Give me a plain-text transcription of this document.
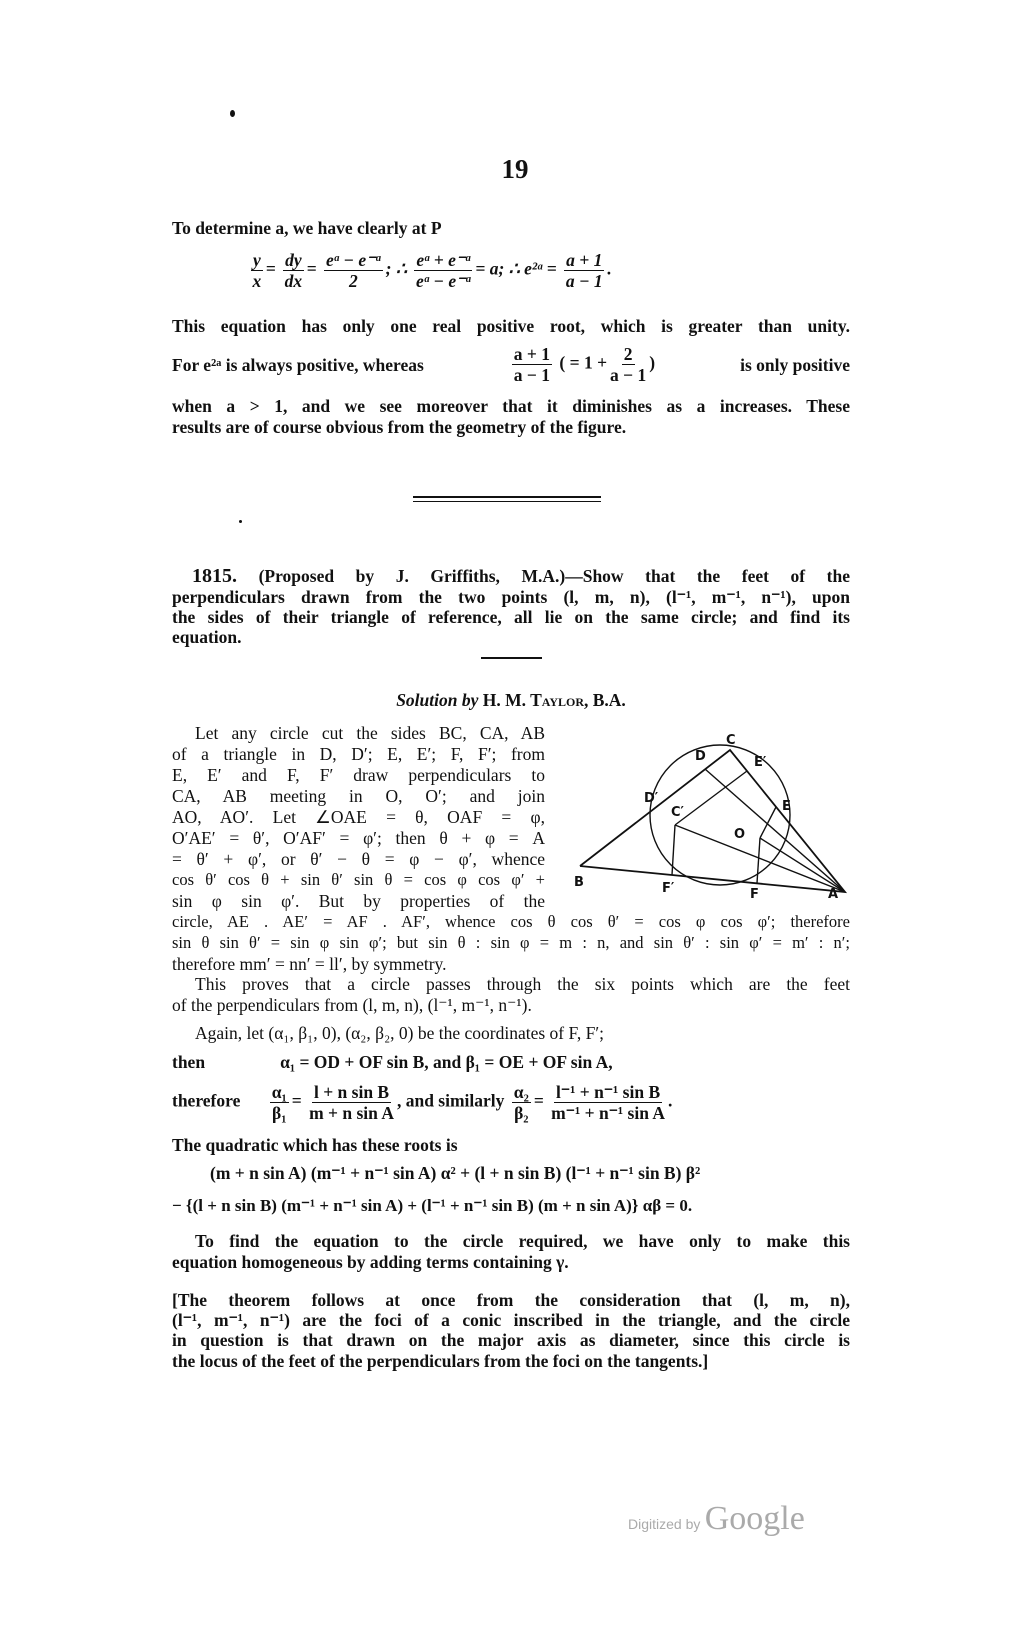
19
To determine a, we have clearly at P
$\frac{y}{x} = \frac{dy}{dx} = \frac{\text{eᵃ − e⁻ᵃ}}{2}$ ; ∴ $\frac{\text{eᵃ + e⁻ᵃ}}{\text{eᵃ − e⁻ᵃ}} = a$; ∴ e²ᵃ = $\frac{a + 1}{a - 1}$ .
This equation has only one real positive root, which is greater than unity.
For e²ᵃ is always positive, whereas	$\frac{a + 1}{a - 1}$ ( = $1 + \frac{2}{a - 1}$ )	is only positive
when a > 1, and we see moreover that it diminishes as a increases. These
results are of course obvious from the geometry of the figure.
1815. (Proposed by J. Griffiths, M.A.)—Show that the feet of the
perpendiculars drawn from the two points (l, m, n), (l⁻¹, m⁻¹, n⁻¹), upon
the sides of their triangle of reference, all lie on the same circle; and find its
equation.
Solution by H. M. Taylor, B.A.
Let any circle cut the sides BC, CA, AB
of a triangle in D, D′; E, E′; F, F′; from
E, E′ and F, F′ draw perpendiculars to
CA, AB meeting in O, O′; and join
AO, AO′. Let ∠OAE = θ, OAF = φ,
O′AE′ = θ′, O′AF′ = φ′; then θ + φ = A
= θ′ + φ′, or θ′ − θ = φ − φ′, whence
cos θ′ cos θ + sin θ′ sin θ = cos φ cos φ′ +
sin φ sin φ′. But by properties of the
circle, AE . AE′ = AF . AF′, whence cos θ cos θ′ = cos φ cos φ′; therefore
sin θ sin θ′ = sin φ sin φ′; but sin θ : sin φ = m : n, and sin θ′ : sin φ′ = m′ : n′;
therefore mm′ = nn′ = ll′, by symmetry.
This proves that a circle passes through the six points which are the feet
of the perpendiculars from (l, m, n), (l⁻¹, m⁻¹, n⁻¹).
Again, let (α₁, β₁, 0), (α₂, β₂, 0) be the coordinates of F, F′;
then	α₁ = OD + OF sin B, and β₁ = OE + OF sin A,
therefore $\frac{\text{α₁}}{\text{β₁}} = \frac{\text{l + n sin B}}{\text{m + n sin A}}$ , and similarly $\frac{\text{α₂}}{\text{β₂}} = \frac{\text{l⁻¹ + n⁻¹ sin B}}{\text{m⁻¹ + n⁻¹ sin A}}$ .
The quadratic which has these roots is
(m + n sin A) (m⁻¹ + n⁻¹ sin A) α² + (l + n sin B) (l⁻¹ + n⁻¹ sin B) β²
− {(l + n sin B) (m⁻¹ + n⁻¹ sin A) + (l⁻¹ + n⁻¹ sin B) (m + n sin A)} αβ = 0.
To find the equation to the circle required, we have only to make this
equation homogeneous by adding terms containing γ.
[The theorem follows at once from the consideration that (l, m, n),
(l⁻¹, m⁻¹, n⁻¹) are the foci of a conic inscribed in the triangle, and the circle
in question is that drawn on the major axis as diameter, since this circle is
the locus of the feet of the perpendiculars from the foci on the tangents.]
C
D	E′
D′
C′	E
O
B	F′	F	A
Digitized by Google
